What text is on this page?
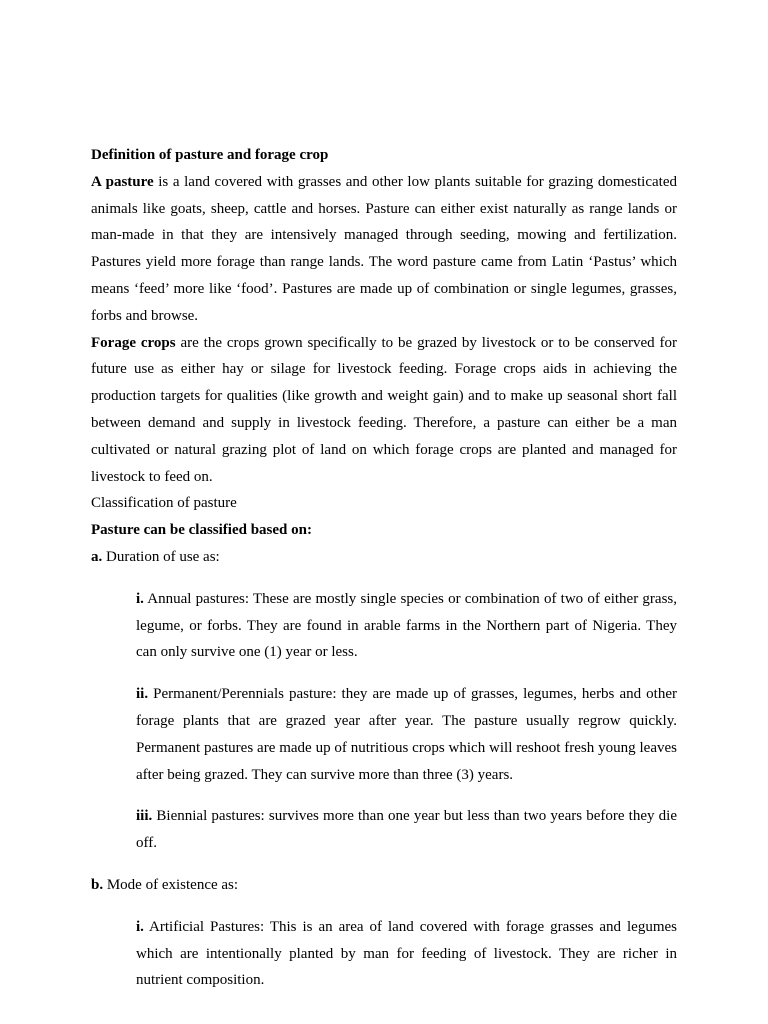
Definition of pasture and forage crop

A pasture is a land covered with grasses and other low plants suitable for grazing domesticated animals like goats, sheep, cattle and horses. Pasture can either exist naturally as range lands or man-made in that they are intensively managed through seeding, mowing and fertilization. Pastures yield more forage than range lands. The word pasture came from Latin ‘Pastus’ which means ‘feed’ more like ‘food’. Pastures are made up of combination or single legumes, grasses, forbs and browse.

Forage crops are the crops grown specifically to be grazed by livestock or to be conserved for future use as either hay or silage for livestock feeding. Forage crops aids in achieving the production targets for qualities (like growth and weight gain) and to make up seasonal short fall between demand and supply in livestock feeding. Therefore, a pasture can either be a man cultivated or natural grazing plot of land on which forage crops are planted and managed for livestock to feed on.

Classification of pasture

Pasture can be classified based on:

a. Duration of use as:

i. Annual pastures: These are mostly single species or combination of two of either grass, legume, or forbs. They are found in arable farms in the Northern part of Nigeria. They can only survive one (1) year or less.

ii. Permanent/Perennials pasture: they are made up of grasses, legumes, herbs and other forage plants that are grazed year after year. The pasture usually regrow quickly. Permanent pastures are made up of nutritious crops which will reshoot fresh young leaves after being grazed. They can survive more than three (3) years.

iii. Biennial pastures: survives more than one year but less than two years before they die off.

b. Mode of existence as:

i. Artificial Pastures: This is an area of land covered with forage grasses and legumes which are intentionally planted by man for feeding of livestock. They are richer in nutrient composition.
